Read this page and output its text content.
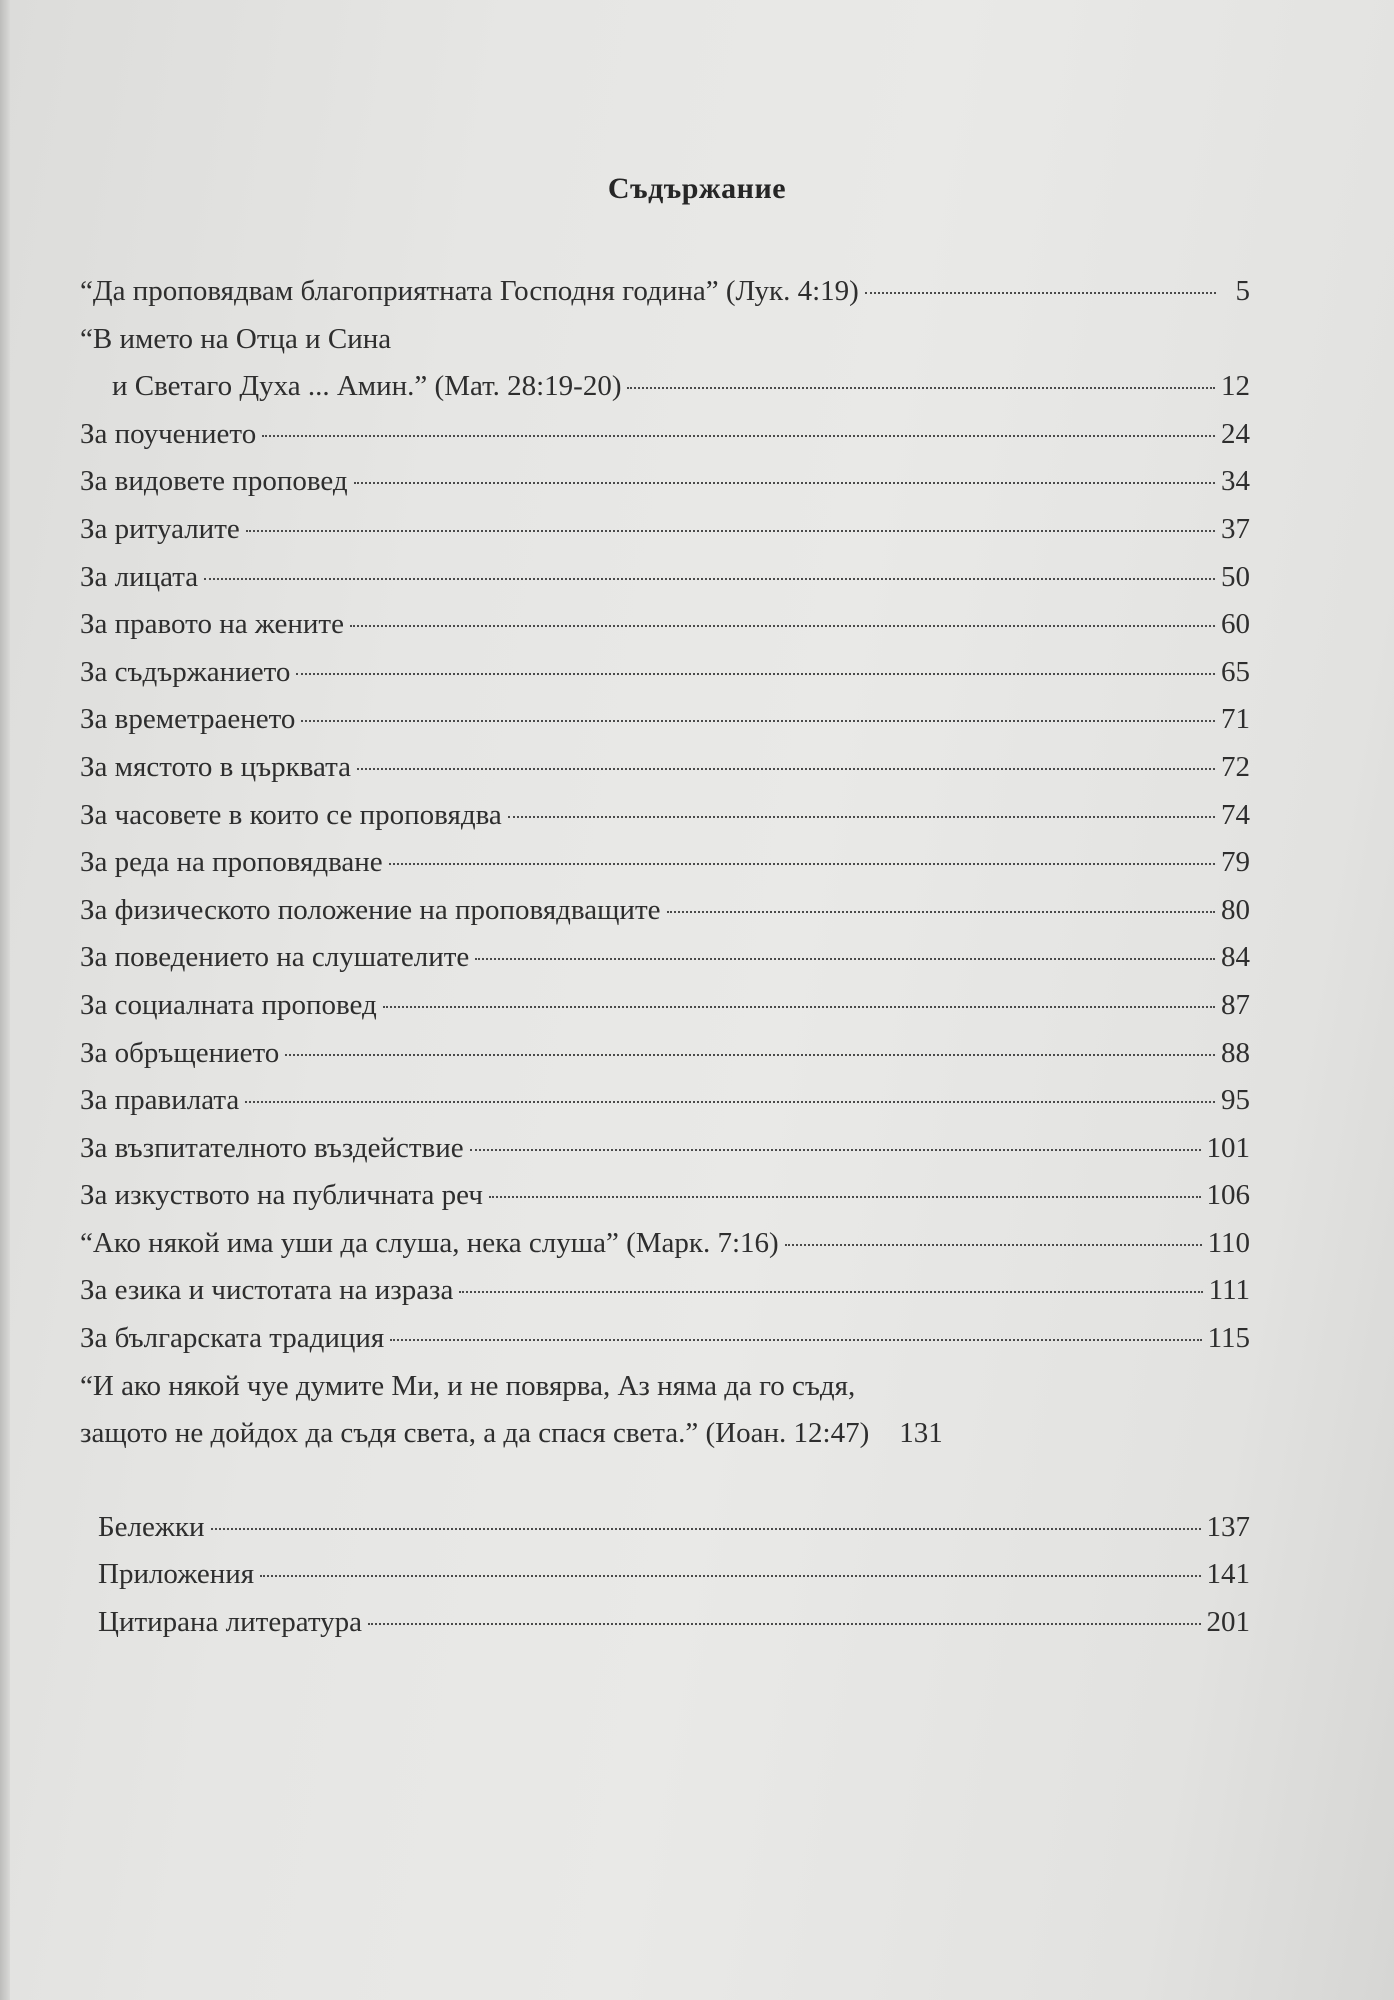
Съдържание
“Да проповядвам благоприятната Господня година” (Лук. 4:19)	5
“В името на Отца и Сина
и Светаго Духа ... Амин.” (Мат. 28:19-20)	12
За поучението	24
За видовете проповед	34
За ритуалите	37
За лицата	50
За правото на жените	60
За съдържанието	65
За времетраенето	71
За мястото в църквата	72
За часовете в които се проповядва	74
За реда на проповядване	79
За физическото положение на проповядващите	80
За поведението на слушателите	84
За социалната проповед	87
За обръщението	88
За правилата	95
За възпитателното въздействие	101
За изкуството на публичната реч	106
“Ако някой има уши да слуша, нека слуша” (Марк. 7:16)	110
За езика и чистотата на израза	111
За българската традиция	115
“И ако някой чуе думите Ми, и не повярва, Аз няма да го съдя,
защото не дойдох да съдя света, а да спася света.” (Иоан. 12:47) 131
Бележки	137
Приложения	141
Цитирана литература	201
